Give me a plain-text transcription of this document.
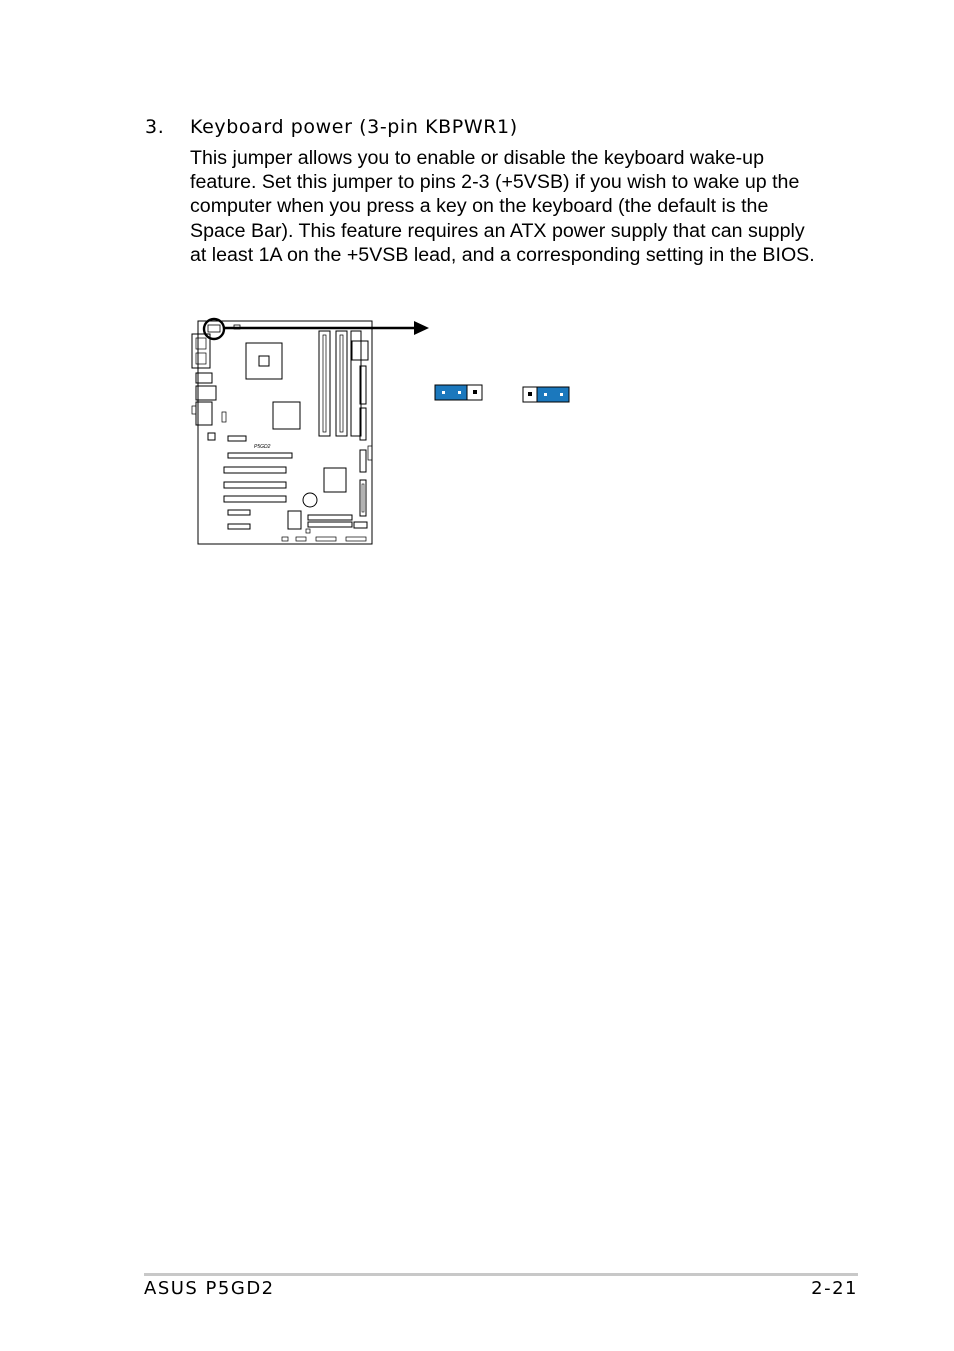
3. Keyboard power (3-pin KBPWR1)

This jumper allows you to enable or disable the keyboard wake-up feature. Set this jumper to pins 2-3 (+5VSB) if you wish to wake up the computer when you press a key on the keyboard (the default is the Space Bar). This feature requires an ATX power supply that can supply at least 1A on the +5VSB lead, and a corresponding setting in the BIOS.

P5GD2

ASUS P5GD2	2-21
